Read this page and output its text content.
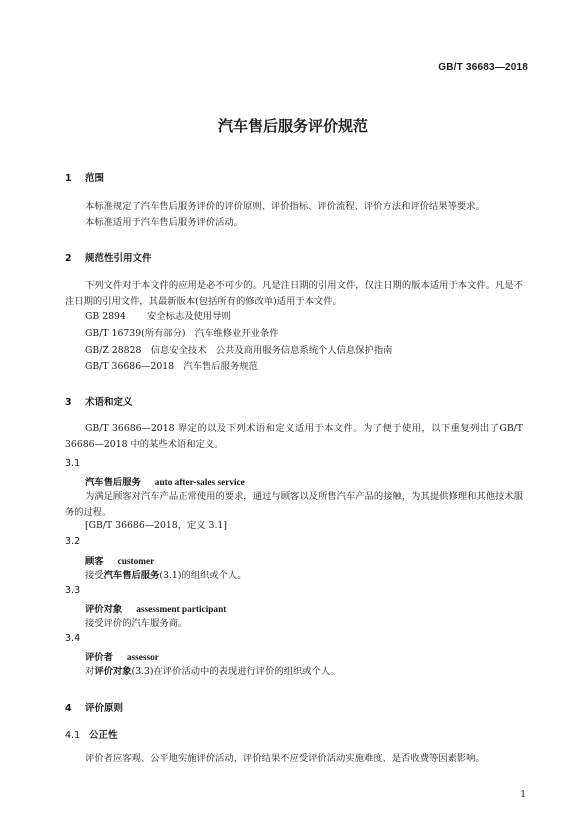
GB/T 36683—2018
汽车售后服务评价规范
1 范围
本标准规定了汽车售后服务评价的评价原则、评价指标、评价流程、评价方法和评价结果等要求。
本标准适用于汽车售后服务评价活动。
2 规范性引用文件
下列文件对于本文件的应用是必不可少的。凡是注日期的引用文件，仅注日期的版本适用于本文件。凡是不注日期的引用文件，其最新版本(包括所有的修改单)适用于本文件。
GB 2894 安全标志及使用导则
GB/T 16739(所有部分)　 汽车维修业开业条件
GB/Z 28828　 信息安全技术　公共及商用服务信息系统个人信息保护指南
GB/T 36686—2018　 汽车售后服务规范
3 术语和定义
GB/T 36686—2018 界定的以及下列术语和定义适用于本文件。为了便于使用，以下重复列出了GB/T 36686—2018 中的某些术语和定义。
3.1
汽车售后服务 auto after-sales service
为满足顾客对汽车产品正常使用的要求，通过与顾客以及所售汽车产品的接触，为其提供修理和其他技术服务的过程。
[GB/T 36686—2018，定义 3.1]
3.2
顾客 customer
接受汽车售后服务(3.1)的组织或个人。
3.3
评价对象 assessment participant
接受评价的汽车服务商。
3.4
评价者 assessor
对评价对象(3.3)在评价活动中的表现进行评价的组织或个人。
4 评价原则
4.1 公正性
评价者应客观、公平地实施评价活动，评价结果不应受评价活动实施难度、是否收费等因素影响。
1
